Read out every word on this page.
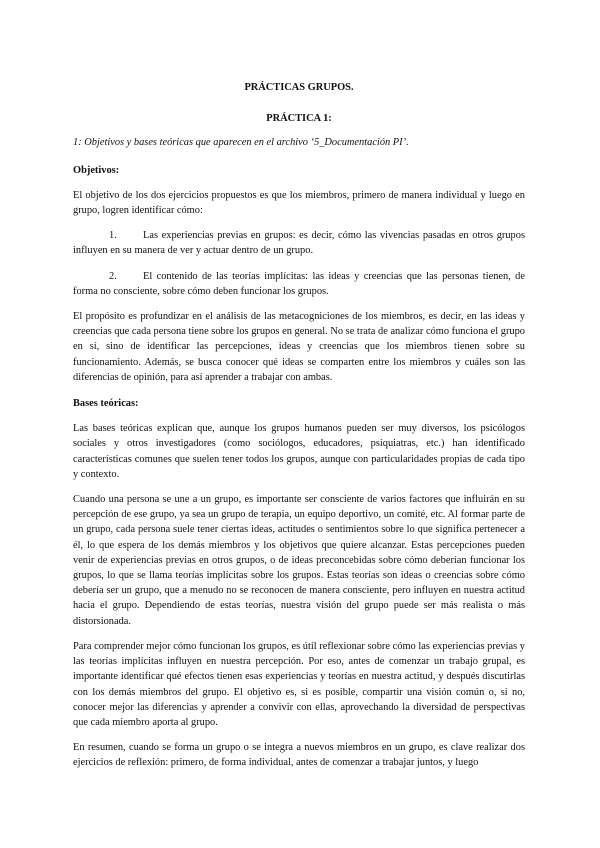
PRÁCTICAS GRUPOS.

PRÁCTICA 1:

1: Objetivos y bases teóricas que aparecen en el archivo ‘5_Documentación PI’.

Objetivos:

El objetivo de los dos ejercicios propuestos es que los miembros, primero de manera individual y luego en grupo, logren identificar cómo:

1.	Las experiencias previas en grupos: es decir, cómo las vivencias pasadas en otros grupos influyen en su manera de ver y actuar dentro de un grupo.

2.	El contenido de las teorías implícitas: las ideas y creencias que las personas tienen, de forma no consciente, sobre cómo deben funcionar los grupos.

El propósito es profundizar en el análisis de las metacogniciones de los miembros, es decir, en las ideas y creencias que cada persona tiene sobre los grupos en general. No se trata de analizar cómo funciona el grupo en sí, sino de identificar las percepciones, ideas y creencias que los miembros tienen sobre su funcionamiento. Además, se busca conocer qué ideas se comparten entre los miembros y cuáles son las diferencias de opinión, para así aprender a trabajar con ambas.

Bases teóricas:

Las bases teóricas explican que, aunque los grupos humanos pueden ser muy diversos, los psicólogos sociales y otros investigadores (como sociólogos, educadores, psiquiatras, etc.) han identificado características comunes que suelen tener todos los grupos, aunque con particularidades propias de cada tipo y contexto.

Cuando una persona se une a un grupo, es importante ser consciente de varios factores que influirán en su percepción de ese grupo, ya sea un grupo de terapia, un equipo deportivo, un comité, etc. Al formar parte de un grupo, cada persona suele tener ciertas ideas, actitudes o sentimientos sobre lo que significa pertenecer a él, lo que espera de los demás miembros y los objetivos que quiere alcanzar. Estas percepciones pueden venir de experiencias previas en otros grupos, o de ideas preconcebidas sobre cómo deberían funcionar los grupos, lo que se llama teorías implícitas sobre los grupos. Estas teorías son ideas o creencias sobre cómo debería ser un grupo, que a menudo no se reconocen de manera consciente, pero influyen en nuestra actitud hacia el grupo. Dependiendo de estas teorías, nuestra visión del grupo puede ser más realista o más distorsionada.

Para comprender mejor cómo funcionan los grupos, es útil reflexionar sobre cómo las experiencias previas y las teorías implícitas influyen en nuestra percepción. Por eso, antes de comenzar un trabajo grupal, es importante identificar qué efectos tienen esas experiencias y teorías en nuestra actitud, y después discutirlas con los demás miembros del grupo. El objetivo es, si es posible, compartir una visión común o, si no, conocer mejor las diferencias y aprender a convivir con ellas, aprovechando la diversidad de perspectivas que cada miembro aporta al grupo.

En resumen, cuando se forma un grupo o se integra a nuevos miembros en un grupo, es clave realizar dos ejercicios de reflexión: primero, de forma individual, antes de comenzar a trabajar juntos, y luego
